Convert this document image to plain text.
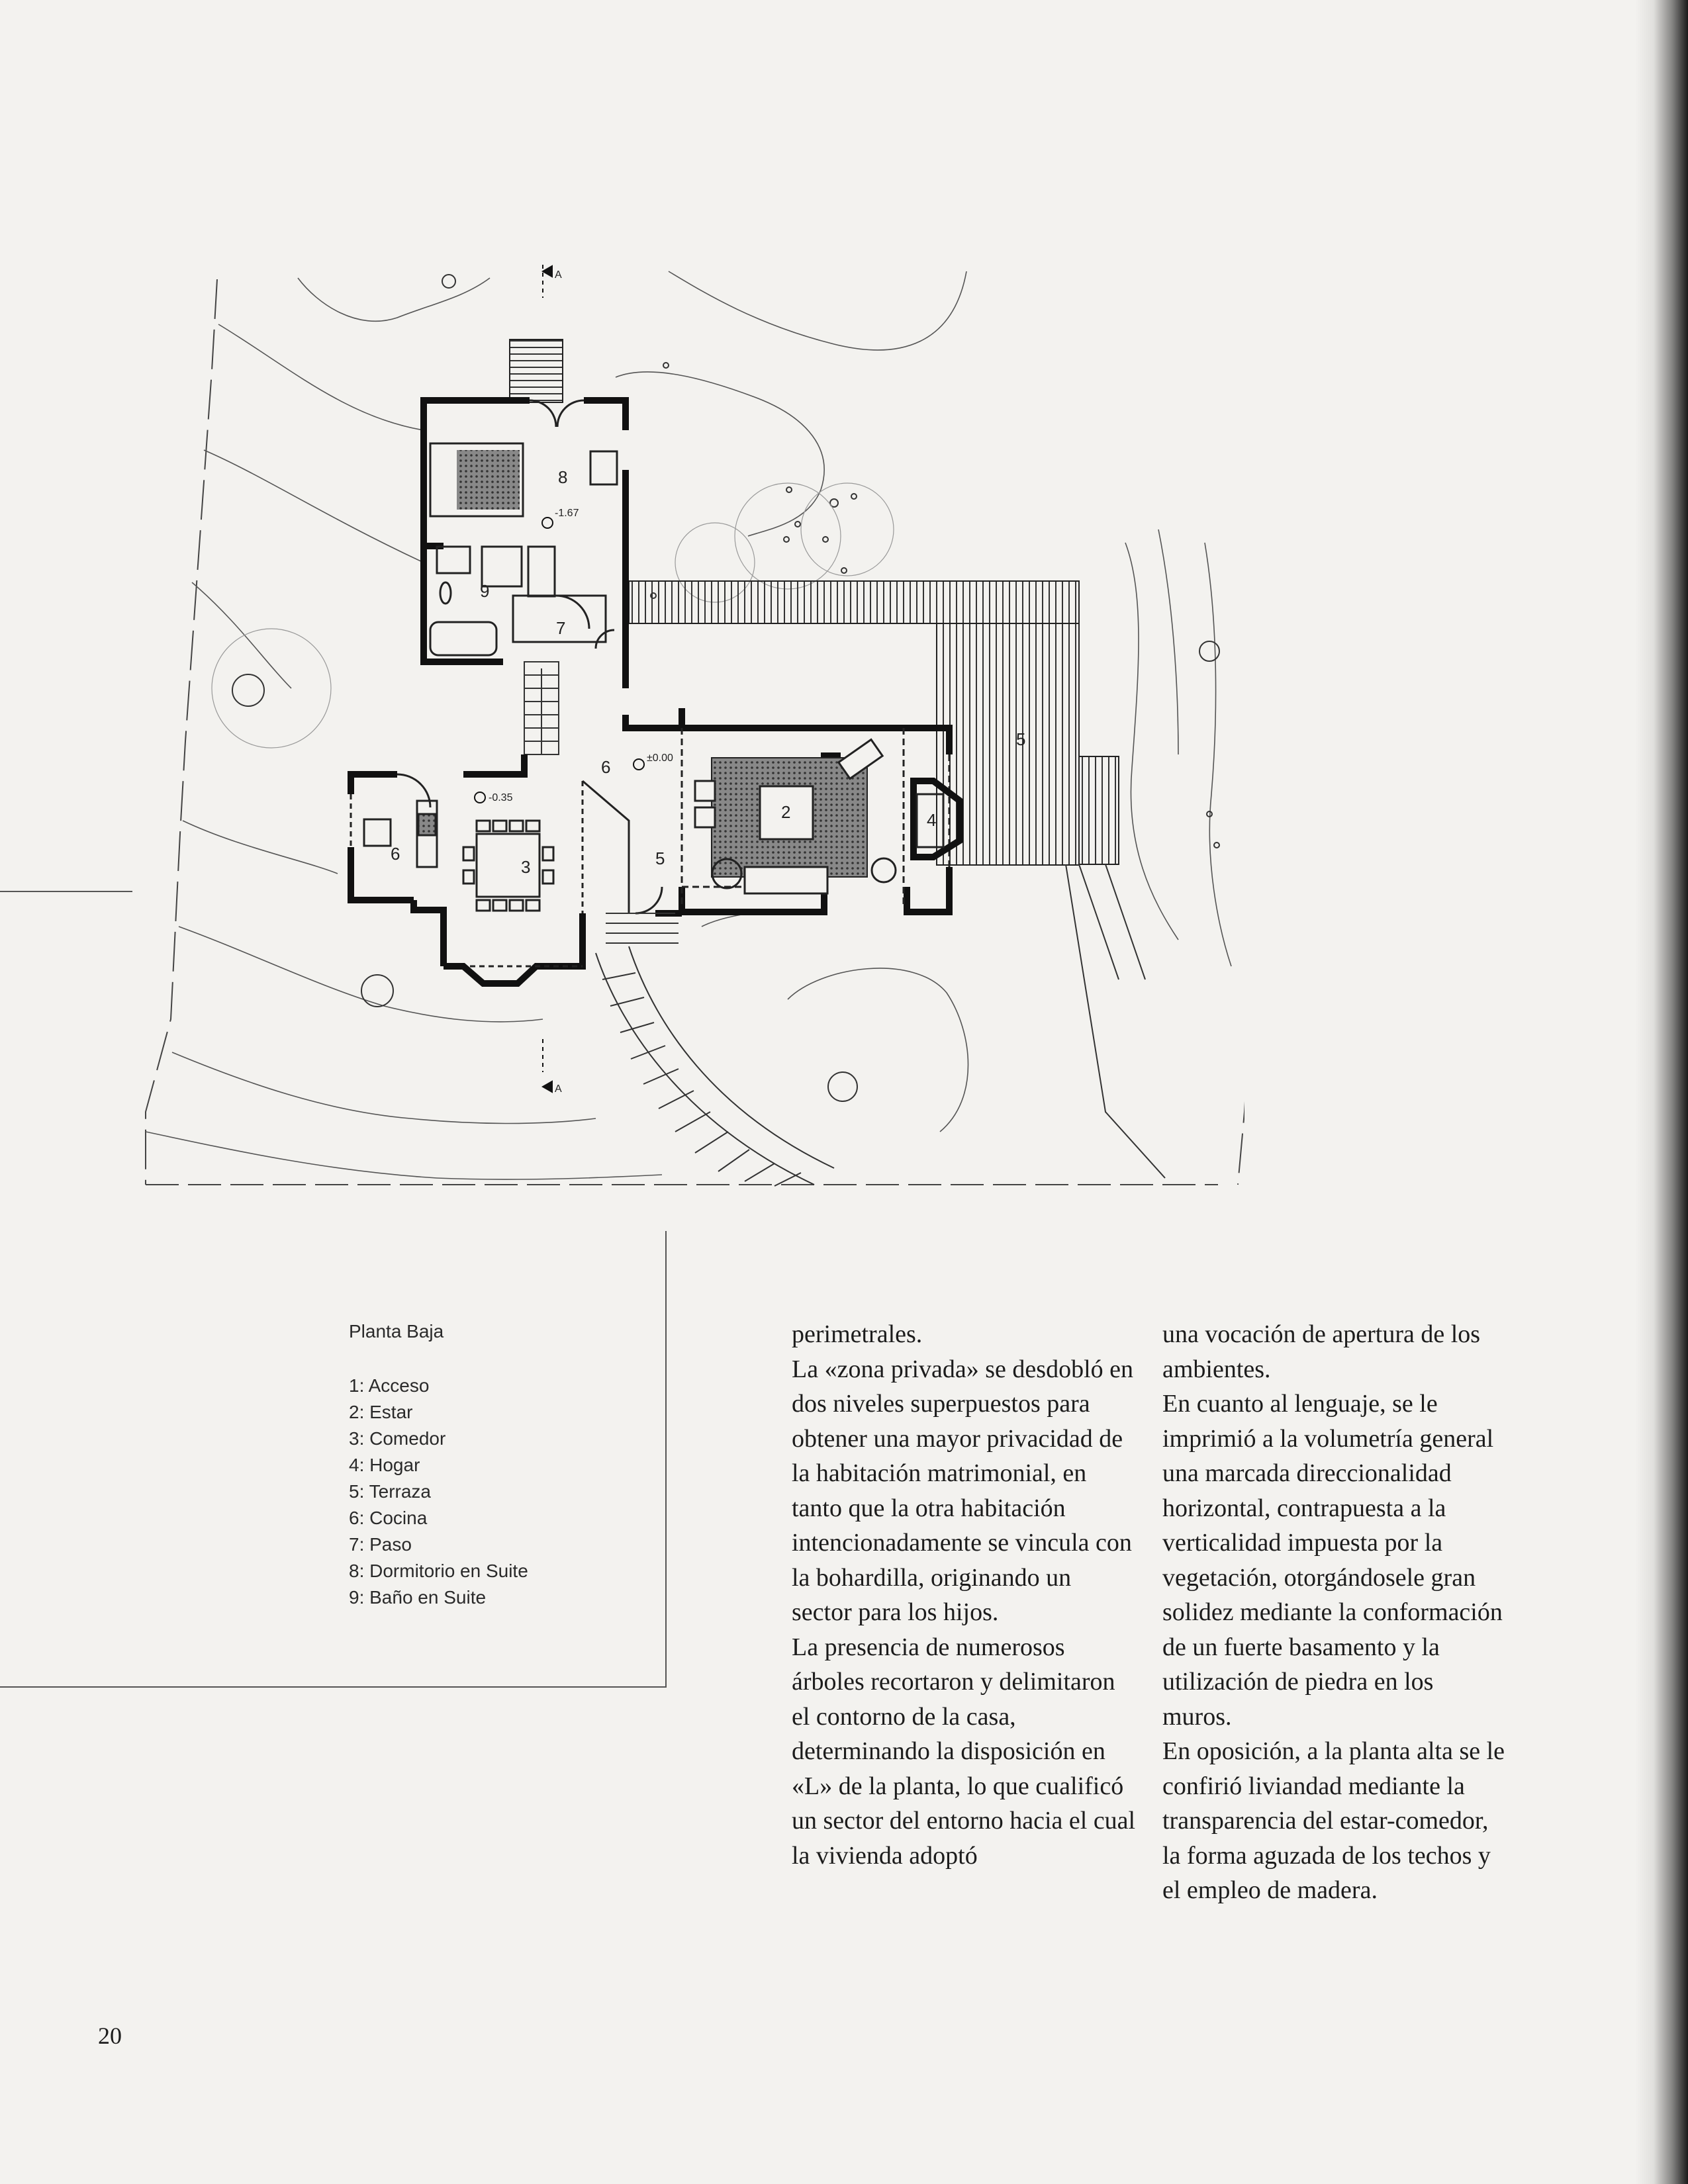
8
9
7
6
2	4
5
6
3	5
-1.67
±0.00
-0.35
A
A

Planta Baja

1: Acceso
2: Estar
3: Comedor
4: Hogar
5: Terraza
6: Cocina
7: Paso
8: Dormitorio en Suite
9: Baño en Suite

perimetrales.

La «zona privada» se desdobló en dos niveles superpuestos para obtener una mayor privacidad de la habitación matrimonial, en tanto que la otra habitación intencionadamente se vincula con la bohardilla, originando un sector para los hijos.

La presencia de numerosos árboles recortaron y delimitaron el contorno de la casa, determinando la disposición en «L» de la planta, lo que cualificó un sector del entorno hacia el cual la vivienda adoptó

una vocación de apertura de los ambientes.

En cuanto al lenguaje, se le imprimió a la volumetría general una marcada direccionalidad horizontal, contrapuesta a la verticalidad impuesta por la vegetación, otorgándosele gran solidez mediante la conformación de un fuerte basamento y la utilización de piedra en los muros.

En oposición, a la planta alta se le confirió liviandad mediante la transparencia del estar-comedor, la forma aguzada de los techos y el empleo de madera.

20
